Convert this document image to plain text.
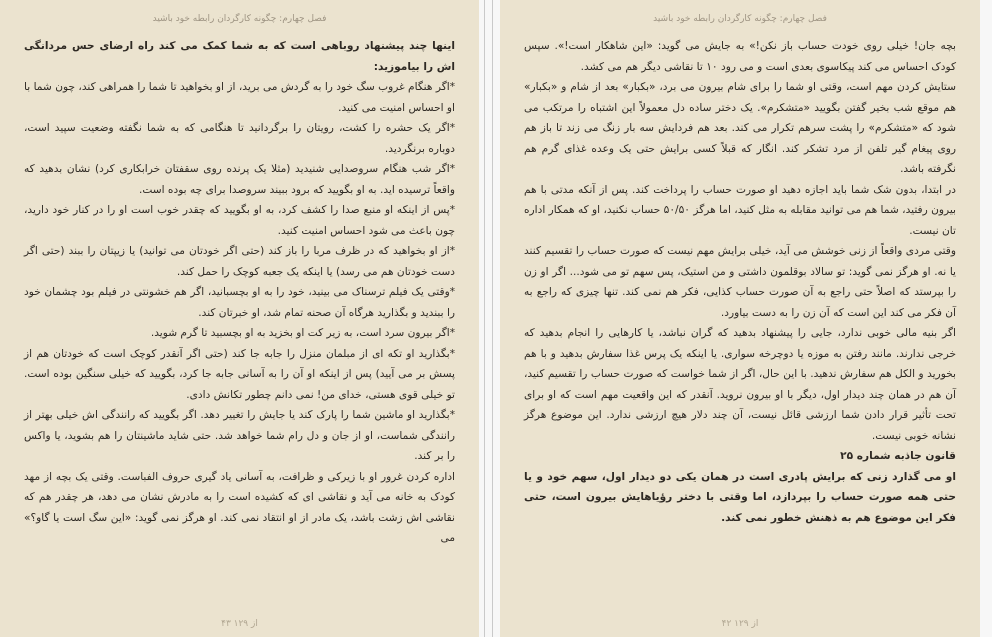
فصل چهارم: چگونه کارگردان رابطه خود باشید

اینها چند پیشنهاد روباهی است که به شما کمک می کند راه ارضای حس مردانگی اش را بیاموزید:

*اگر هنگام غروب سگ خود را به گردش می برید، از او بخواهید تا شما را همراهی کند، چون شما با او احساس امنیت می کنید.

*اگر یک حشره را کشت، رویتان را برگردانید تا هنگامی که به شما نگفته وضعیت سپید است، دوباره برنگردید.

*اگر شب هنگام سروصدایی شنیدید (مثلا یک پرنده روی سقفتان خرابکاری کرد) نشان بدهید که واقعاً ترسیده اید. به او بگویید که برود ببیند سروصدا برای چه بوده است.

*پس از اینکه او منبع صدا را کشف کرد، به او بگویید که چقدر خوب است او را در کنار خود دارید، چون باعث می شود احساس امنیت کنید.

*از او بخواهید که در ظرف مربا را باز کند (حتی اگر خودتان می توانید) یا زیپتان را ببند (حتی اگر دست خودتان هم می رسد) یا اینکه یک جعبه کوچک را حمل کند.

*وقتی یک فیلم ترسناک می بینید، خود را به او بچسبانید، اگر هم خشونتی در فیلم بود چشمان خود را ببندید و بگذارید هرگاه آن صحنه تمام شد، او خبرتان کند.

*اگر بیرون سرد است، به زیر کت او بخزید به او بچسبید تا گرم شوید.

*بگذارید او تکه ای از مبلمان منزل را جابه جا کند (حتی اگر آنقدر کوچک است که خودتان هم از پسش بر می آیید) پس از اینکه او آن را به آسانی جابه جا کرد، بگویید که خیلی سنگین بوده است. تو خیلی قوی هستی، خدای من! نمی دانم چطور تکانش دادی.

*بگذارید او ماشین شما را پارک کند یا جایش را تغییر دهد. اگر بگویید که رانندگی اش خیلی بهتر از رانندگی شماست، او از جان و دل رام شما خواهد شد. حتی شاید ماشینتان را هم بشوید، یا واکس را بر کند.

اداره کردن غرور او با زیرکی و ظرافت، به آسانی یاد گیری حروف الفباست. وقتی یک بچه از مهد کودک به خانه می آید و نقاشی ای که کشیده است را به مادرش نشان می دهد، هر چقدر هم که نقاشی اش زشت باشد، یک مادر از او انتقاد نمی کند. او هرگز نمی گوید: «این سگ است یا گاو؟» می

۴۳ از ۱۲۹
فصل چهارم: چگونه کارگردان رابطه خود باشید

بچه جان! خیلی روی خودت حساب باز نکن!» به جایش می گوید: «این شاهکار است!». سپس کودک احساس می کند پیکاسوی بعدی است و می رود ۱۰ تا نقاشی دیگر هم می کشد.

ستایش کردن مهم است، وقتی او شما را برای شام بیرون می برد، «بکبار» بعد از شام و «بکبار» هم موقع شب بخیر گفتن بگویید «متشکرم». یک دختر ساده دل معمولاً این اشتباه را مرتکب می شود که «متشکرم» را پشت سرهم تکرار می کند. بعد هم فردایش سه بار زنگ می زند تا باز هم روی پیغام گیر تلفن از مرد تشکر کند. انگار که قبلاً کسی برایش حتی یک وعده غذای گرم هم نگرفته باشد.

در ابتدا، بدون شک شما باید اجازه دهید او صورت حساب را پرداخت کند. پس از آنکه مدتی با هم بیرون رفتید، شما هم می توانید مقابله به مثل کنید، اما هرگز ۵۰/۵۰ حساب نکنید، او که همکار اداره تان نیست.

وقتی مردی واقعاً از زنی خوشش می آید، خیلی برایش مهم نیست که صورت حساب را تقسیم کنند یا نه. او هرگز نمی گوید: تو سالاد بوقلمون داشتی و من استیک، پس سهم تو می شود... اگر او زن را بپرستد که اصلاً حتی راجع به آن صورت حساب کذایی، فکر هم نمی کند. تنها چیزی که راجع به آن فکر می کند این است که آن زن را به دست بیاورد.

اگر بنیه مالی خوبی ندارد، جایی را پیشنهاد بدهید که گران نباشد، یا کارهایی را انجام بدهید که خرجی ندارند. مانند رفتن به موزه یا دوچرخه سواری. یا اینکه یک پرس غذا سفارش بدهید و با هم بخورید و الکل هم سفارش ندهید. با این حال، اگر از شما خواست که صورت حساب را تقسیم کنید، آن هم در همان چند دیدار اول، دیگر با او بیرون نروید. آنقدر که این واقعیت مهم است که او برای تحت تأثیر قرار دادن شما ارزشی قائل نیست، آن چند دلار هیچ ارزشی ندارد. این موضوع هرگز نشانه خوبی نیست.

قانون جاذبه شماره ۲۵

او می گذارد زنی که برایش پادری است در همان یکی دو دیدار اول، سهم خود و یا حتی همه صورت حساب را بپردازد، اما وقتی با دختر رؤیاهایش بیرون است، حتی فکر این موضوع هم به ذهنش خطور نمی کند.

۴۲ از ۱۲۹
